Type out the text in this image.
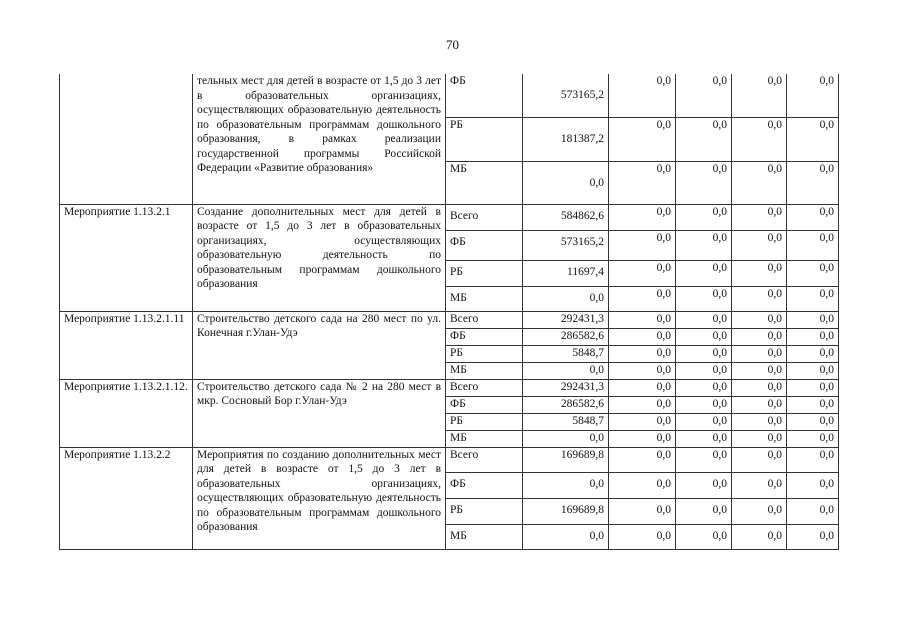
70
	тельных мест для детей в возрасте от 1,5 до 3 лет в образовательных организациях, осуществляющих образовательную деятельность по образовательным программам дошкольного образования, в рамках реализации государственной программы Российской Федерации «Развитие образования»	ФБ	573165,2	0,0	0,0	0,0	0,0
		РБ	181387,2	0,0	0,0	0,0	0,0
		МБ	0,0	0,0	0,0	0,0	0,0
Мероприятие 1.13.2.1	Создание дополнительных мест для детей в возрасте от 1,5 до 3 лет в образовательных организациях, осуществляющих образовательную деятельность по образовательным программам дошкольного образования	Всего	584862,6	0,0	0,0	0,0	0,0
		ФБ	573165,2	0,0	0,0	0,0	0,0
		РБ	11697,4	0,0	0,0	0,0	0,0
		МБ	0,0	0,0	0,0	0,0	0,0
Мероприятие 1.13.2.1.11	Строительство детского сада на 280 мест по ул. Конечная г.Улан-Удэ	Всего	292431,3	0,0	0,0	0,0	0,0
		ФБ	286582,6	0,0	0,0	0,0	0,0
		РБ	5848,7	0,0	0,0	0,0	0,0
		МБ	0,0	0,0	0,0	0,0	0,0
Мероприятие 1.13.2.1.12.	Строительство детского сада № 2 на 280 мест в мкр. Сосновый Бор г.Улан-Удэ	Всего	292431,3	0,0	0,0	0,0	0,0
		ФБ	286582,6	0,0	0,0	0,0	0,0
		РБ	5848,7	0,0	0,0	0,0	0,0
		МБ	0,0	0,0	0,0	0,0	0,0
Мероприятие 1.13.2.2	Мероприятия по созданию дополнительных мест для детей в возрасте от 1,5 до 3 лет в образовательных организациях, осуществляющих образовательную деятельность по образовательным программам дошкольного образования	Всего	169689,8	0,0	0,0	0,0	0,0
		ФБ	0,0	0,0	0,0	0,0	0,0
		РБ	169689,8	0,0	0,0	0,0	0,0
		МБ	0,0	0,0	0,0	0,0	0,0
